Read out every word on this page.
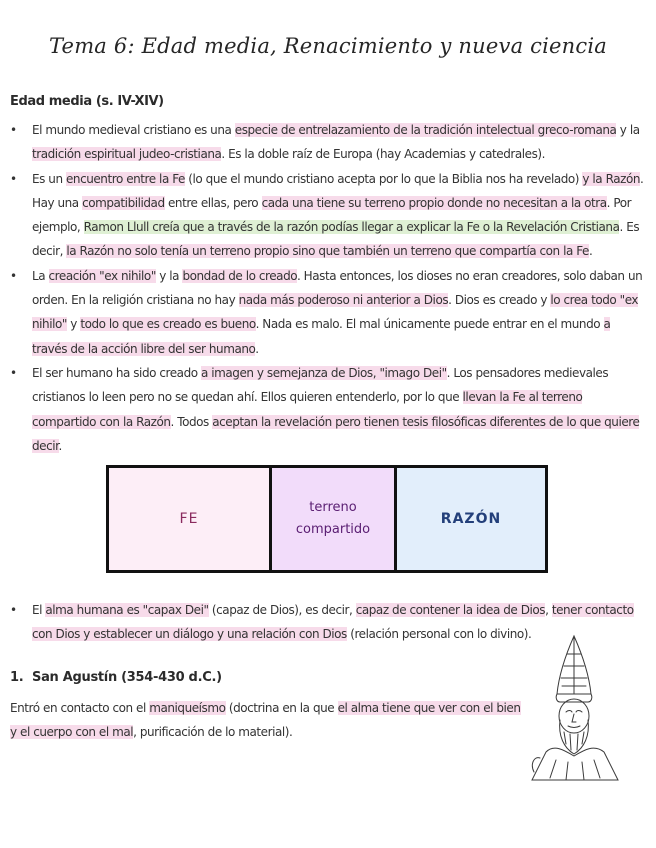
Tema 6: Edad media, Renacimiento y nueva ciencia
Edad media (s. IV-XIV)
• El mundo medieval cristiano es una especie de entrelazamiento de la tradición intelectual greco-romana y la tradición espiritual judeo-cristiana. Es la doble raíz de Europa (hay Academias y catedrales).
• Es un encuentro entre la Fe (lo que el mundo cristiano acepta por lo que la Biblia nos ha revelado) y la Razón. Hay una compatibilidad entre ellas, pero cada una tiene su terreno propio donde no necesitan a la otra. Por ejemplo, Ramon Llull creía que a través de la razón podías llegar a explicar la Fe o la Revelación Cristiana. Es decir, la Razón no solo tenía un terreno propio sino que también un terreno que compartía con la Fe.
• La creación "ex nihilo" y la bondad de lo creado. Hasta entonces, los dioses no eran creadores, solo daban un orden. En la religión cristiana no hay nada más poderoso ni anterior a Dios. Dios es creado y lo crea todo "ex nihilo" y todo lo que es creado es bueno. Nada es malo. El mal únicamente puede entrar en el mundo a través de la acción libre del ser humano.
• El ser humano ha sido creado a imagen y semejanza de Dios, "imago Dei". Los pensadores medievales cristianos lo leen pero no se quedan ahí. Ellos quieren entenderlo, por lo que llevan la Fe al terreno compartido con la Razón. Todos aceptan la revelación pero tienen tesis filosóficas diferentes de lo que quiere decir.
FE
terreno
compartido
RAZÓN
• El alma humana es "capax Dei" (capaz de Dios), es decir, capaz de contener la idea de Dios, tener contacto con Dios y establecer un diálogo y una relación con Dios (relación personal con lo divino).
1. San Agustín (354-430 d.C.)
Entró en contacto con el maniqueísmo (doctrina en la que el alma tiene que ver con el bien y el cuerpo con el mal, purificación de lo material).
